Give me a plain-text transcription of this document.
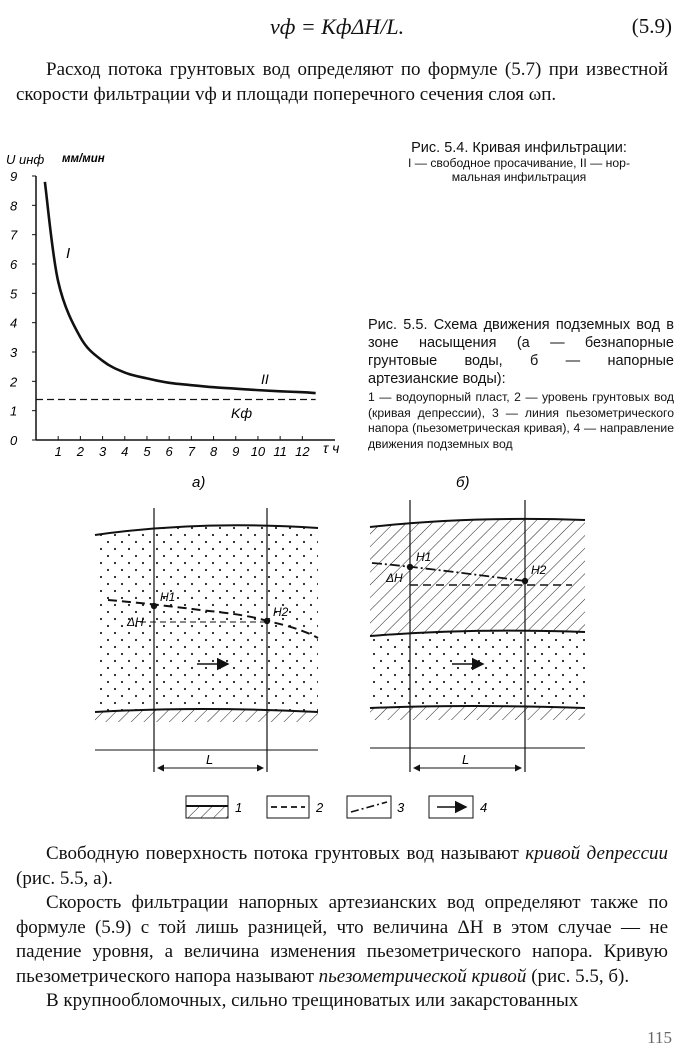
vф = KфΔH/L.	(5.9)
Расход потока грунтовых вод определяют по формуле (5.7) при известной скорости фильтрации vф и площади поперечного сечения слоя ωп.
Рис. 5.4. Кривая инфильтрации:
I — свободное просачивание, II — нор-
мальная инфильтрация
Рис. 5.5. Схема движения подземных вод в зоне насыщения (а — безнапорные грунтовые воды, б — напорные артезианские воды):
1 — водоупорный пласт, 2 — уровень грунтовых вод (кривая депрессии), 3 — линия пьезометрического напора (пьезометрическая кривая), 4 — направление движения подземных вод
0
1
2
3
4
5
6
7
8
9
1 2 3 4 5 6 7 8 9 10 11 12
U инф мм/мин
τ ч
I
II
Kф
а)	б)
H1
H2
ΔH
L
H1
H2
ΔH
L
1	2	3	4
Свободную поверхность потока грунтовых вод называют кривой депрессии (рис. 5.5, а).
Скорость фильтрации напорных артезианских вод определяют также по формуле (5.9) с той лишь разницей, что величина ΔH в этом случае — не падение уровня, а величина изменения пьезометрического напора. Кривую пьезометрического напора называют пьезометрической кривой (рис. 5.5, б).
В крупнообломочных, сильно трещиноватых или закарстованных
115
